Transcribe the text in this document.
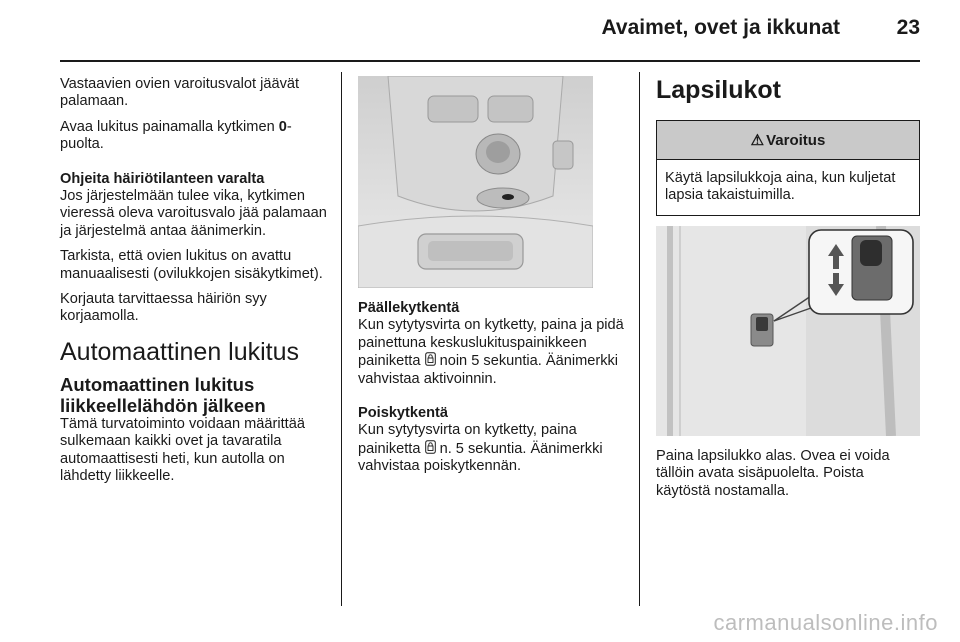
Avaimet, ovet ja ikkunat	23

Vastaavien ovien varoitusvalot jäävät palamaan.

Avaa lukitus painamalla kytkimen 0-puolta.

Ohjeita häiriötilanteen varalta

Jos järjestelmään tulee vika, kytkimen vieressä oleva varoitusvalo jää palamaan ja järjestelmä antaa äänimerkin.

Tarkista, että ovien lukitus on avattu manuaalisesti (ovilukkojen sisäkytkimet).

Korjauta tarvittaessa häiriön syy korjaamolla.

Automaattinen lukitus
Automaattinen lukitus liikkeellelähdön jälkeen

Tämä turvatoiminto voidaan määrittää sulkemaan kaikki ovet ja tavaratila automaattisesti heti, kun autolla on lähdetty liikkeelle.

Päällekytkentä

Kun sytytysvirta on kytketty, paina ja pidä painettuna keskuslukituspainikkeen painiketta  noin 5 sekuntia. Äänimerkki vahvistaa aktivoinnin.

Poiskytkentä

Kun sytytysvirta on kytketty, paina painiketta  n. 5 sekuntia. Äänimerkki vahvistaa poiskytkennän.

Lapsilukot
⚠ Varoitus

Käytä lapsilukkoja aina, kun kuljetat lapsia takaistuimilla.

Paina lapsilukko alas. Ovea ei voida tällöin avata sisäpuolelta. Poista käytöstä nostamalla.

carmanualsonline.info
